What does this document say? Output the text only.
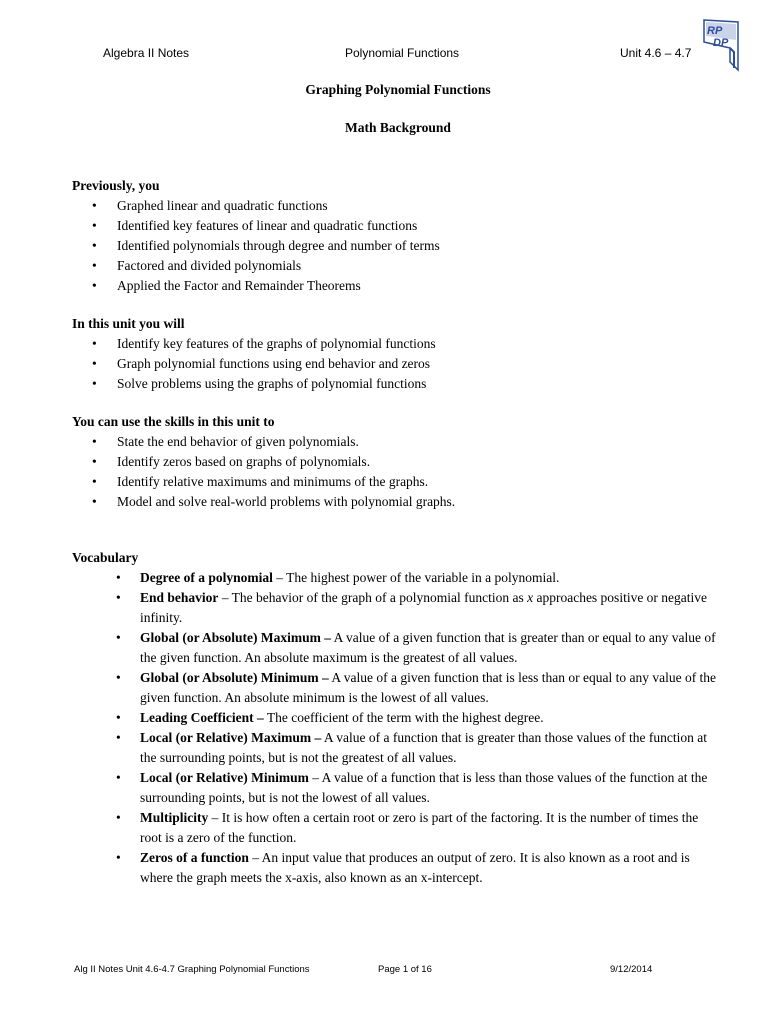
Algebra II Notes	Polynomial Functions	Unit 4.6 – 4.7
RP
DP
Graphing Polynomial Functions
Math Background

Previously, you

• Graphed linear and quadratic functions
• Identified key features of linear and quadratic functions
• Identified polynomials through degree and number of terms
• Factored and divided polynomials
• Applied the Factor and Remainder Theorems

In this unit you will

• Identify key features of the graphs of polynomial functions
• Graph polynomial functions using end behavior and zeros
• Solve problems using the graphs of polynomial functions

You can use the skills in this unit to

• State the end behavior of given polynomials.
• Identify zeros based on graphs of polynomials.
• Identify relative maximums and minimums of the graphs.
• Model and solve real-world problems with polynomial graphs.

Vocabulary

• Degree of a polynomial – The highest power of the variable in a polynomial.
• End behavior – The behavior of the graph of a polynomial function as x approaches positive or negative infinity.
• Global (or Absolute) Maximum – A value of a given function that is greater than or equal to any value of the given function. An absolute maximum is the greatest of all values.
• Global (or Absolute) Minimum – A value of a given function that is less than or equal to any value of the given function. An absolute minimum is the lowest of all values.
• Leading Coefficient – The coefficient of the term with the highest degree.
• Local (or Relative) Maximum – A value of a function that is greater than those values of the function at the surrounding points, but is not the greatest of all values.
• Local (or Relative) Minimum – A value of a function that is less than those values of the function at the surrounding points, but is not the lowest of all values.
• Multiplicity – It is how often a certain root or zero is part of the factoring. It is the number of times the root is a zero of the function.
• Zeros of a function – An input value that produces an output of zero. It is also known as a root and is where the graph meets the x-axis, also known as an x-intercept.
Alg II Notes Unit 4.6-4.7 Graphing Polynomial Functions	Page 1 of 16	9/12/2014
